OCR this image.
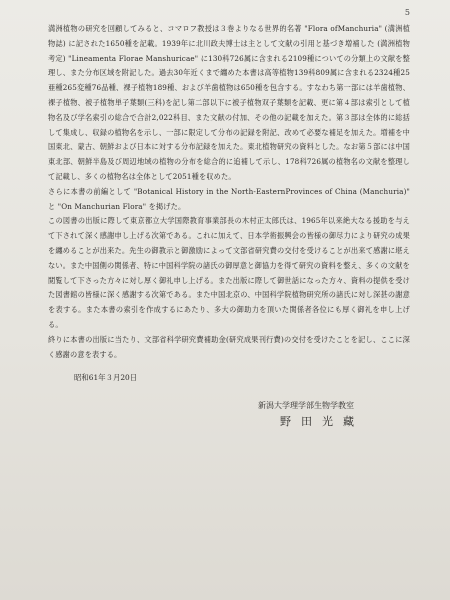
5

満洲植物の研究を回顧してみると、コマロフ教授は３巻よりなる世界的名著 "Flora ofManchuria" (満洲植物誌) に記された1650種を記載。1939年に北川政夫博士は主として文献の引用と基づき増補した (満洲植物考定) "Lineamenta Florae Manshuricae" に130科726属に含まれる2109種についての分類上の文献を整理し、また分布区域を附記した。過去30年近くまで纏めた本書は高等植物139科809属に含まれる2324種25亜種265変種76品種、裸子植物189種、および羊歯植物は650種を包含する。すなわち第一部には羊歯植物、裸子植物、被子植物単子葉類(三科)を記し第二部以下に被子植物双子葉類を記載、更に第４部は索引として植物名及び学名索引の総合で合計2,022科目、また文献の付加、その他の記載を加えた。第３部は全体的に総括して集成し、収録の植物名を示し、一部に限定して分布の記録を附記、改めて必要な補足を加えた。増補を中国東北、蒙古、朝鮮および日本に対する分布記録を加えた。東北植物研究の資料とした。なお第５部には中国東北部、朝鮮半島及び周辺地域の植物の分布を総合的に追補して示し、178科726属の植物名の文献を整理して記載し、多くの植物名は全体として2051種を収めた。

さらに本書の前編として "Botanical History in the North-EasternProvinces of China (Manchuria)" と "On Manchurian Flora" を掲げた。

この図書の出版に際して東京都立大学国際教育事業部長の木村正太郎氏は、1965年以来絶大なる援助を与えて下されて深く感謝申し上げる次第である。これに加えて、日本学術振興会の皆様の御尽力により研究の成果を纏めることが出来た。先生の御教示と御激励によって文部省研究費の交付を受けることが出来て感謝に堪えない。また中国側の関係者、特に中国科学院の諸氏の御厚意と御協力を得て研究の資料を整え、多くの文献を閲覧して下さった方々に対し厚く御礼申し上げる。また出版に際して御世話になった方々、資料の提供を受けた図書館の皆様に深く感謝する次第である。また中国北京の、中国科学院植物研究所の諸氏に対し深甚の謝意を表する。また本書の索引を作成するにあたり、多大の御助力を頂いた関係者各位にも厚く御礼を申し上げる。

終りに本書の出版に当たり、文部省科学研究費補助金(研究成果刊行費)の交付を受けたことを記し、ここに深く感謝の意を表する。

昭和61年３月20日
新潟大学理学部生物学教室
野田光藏
